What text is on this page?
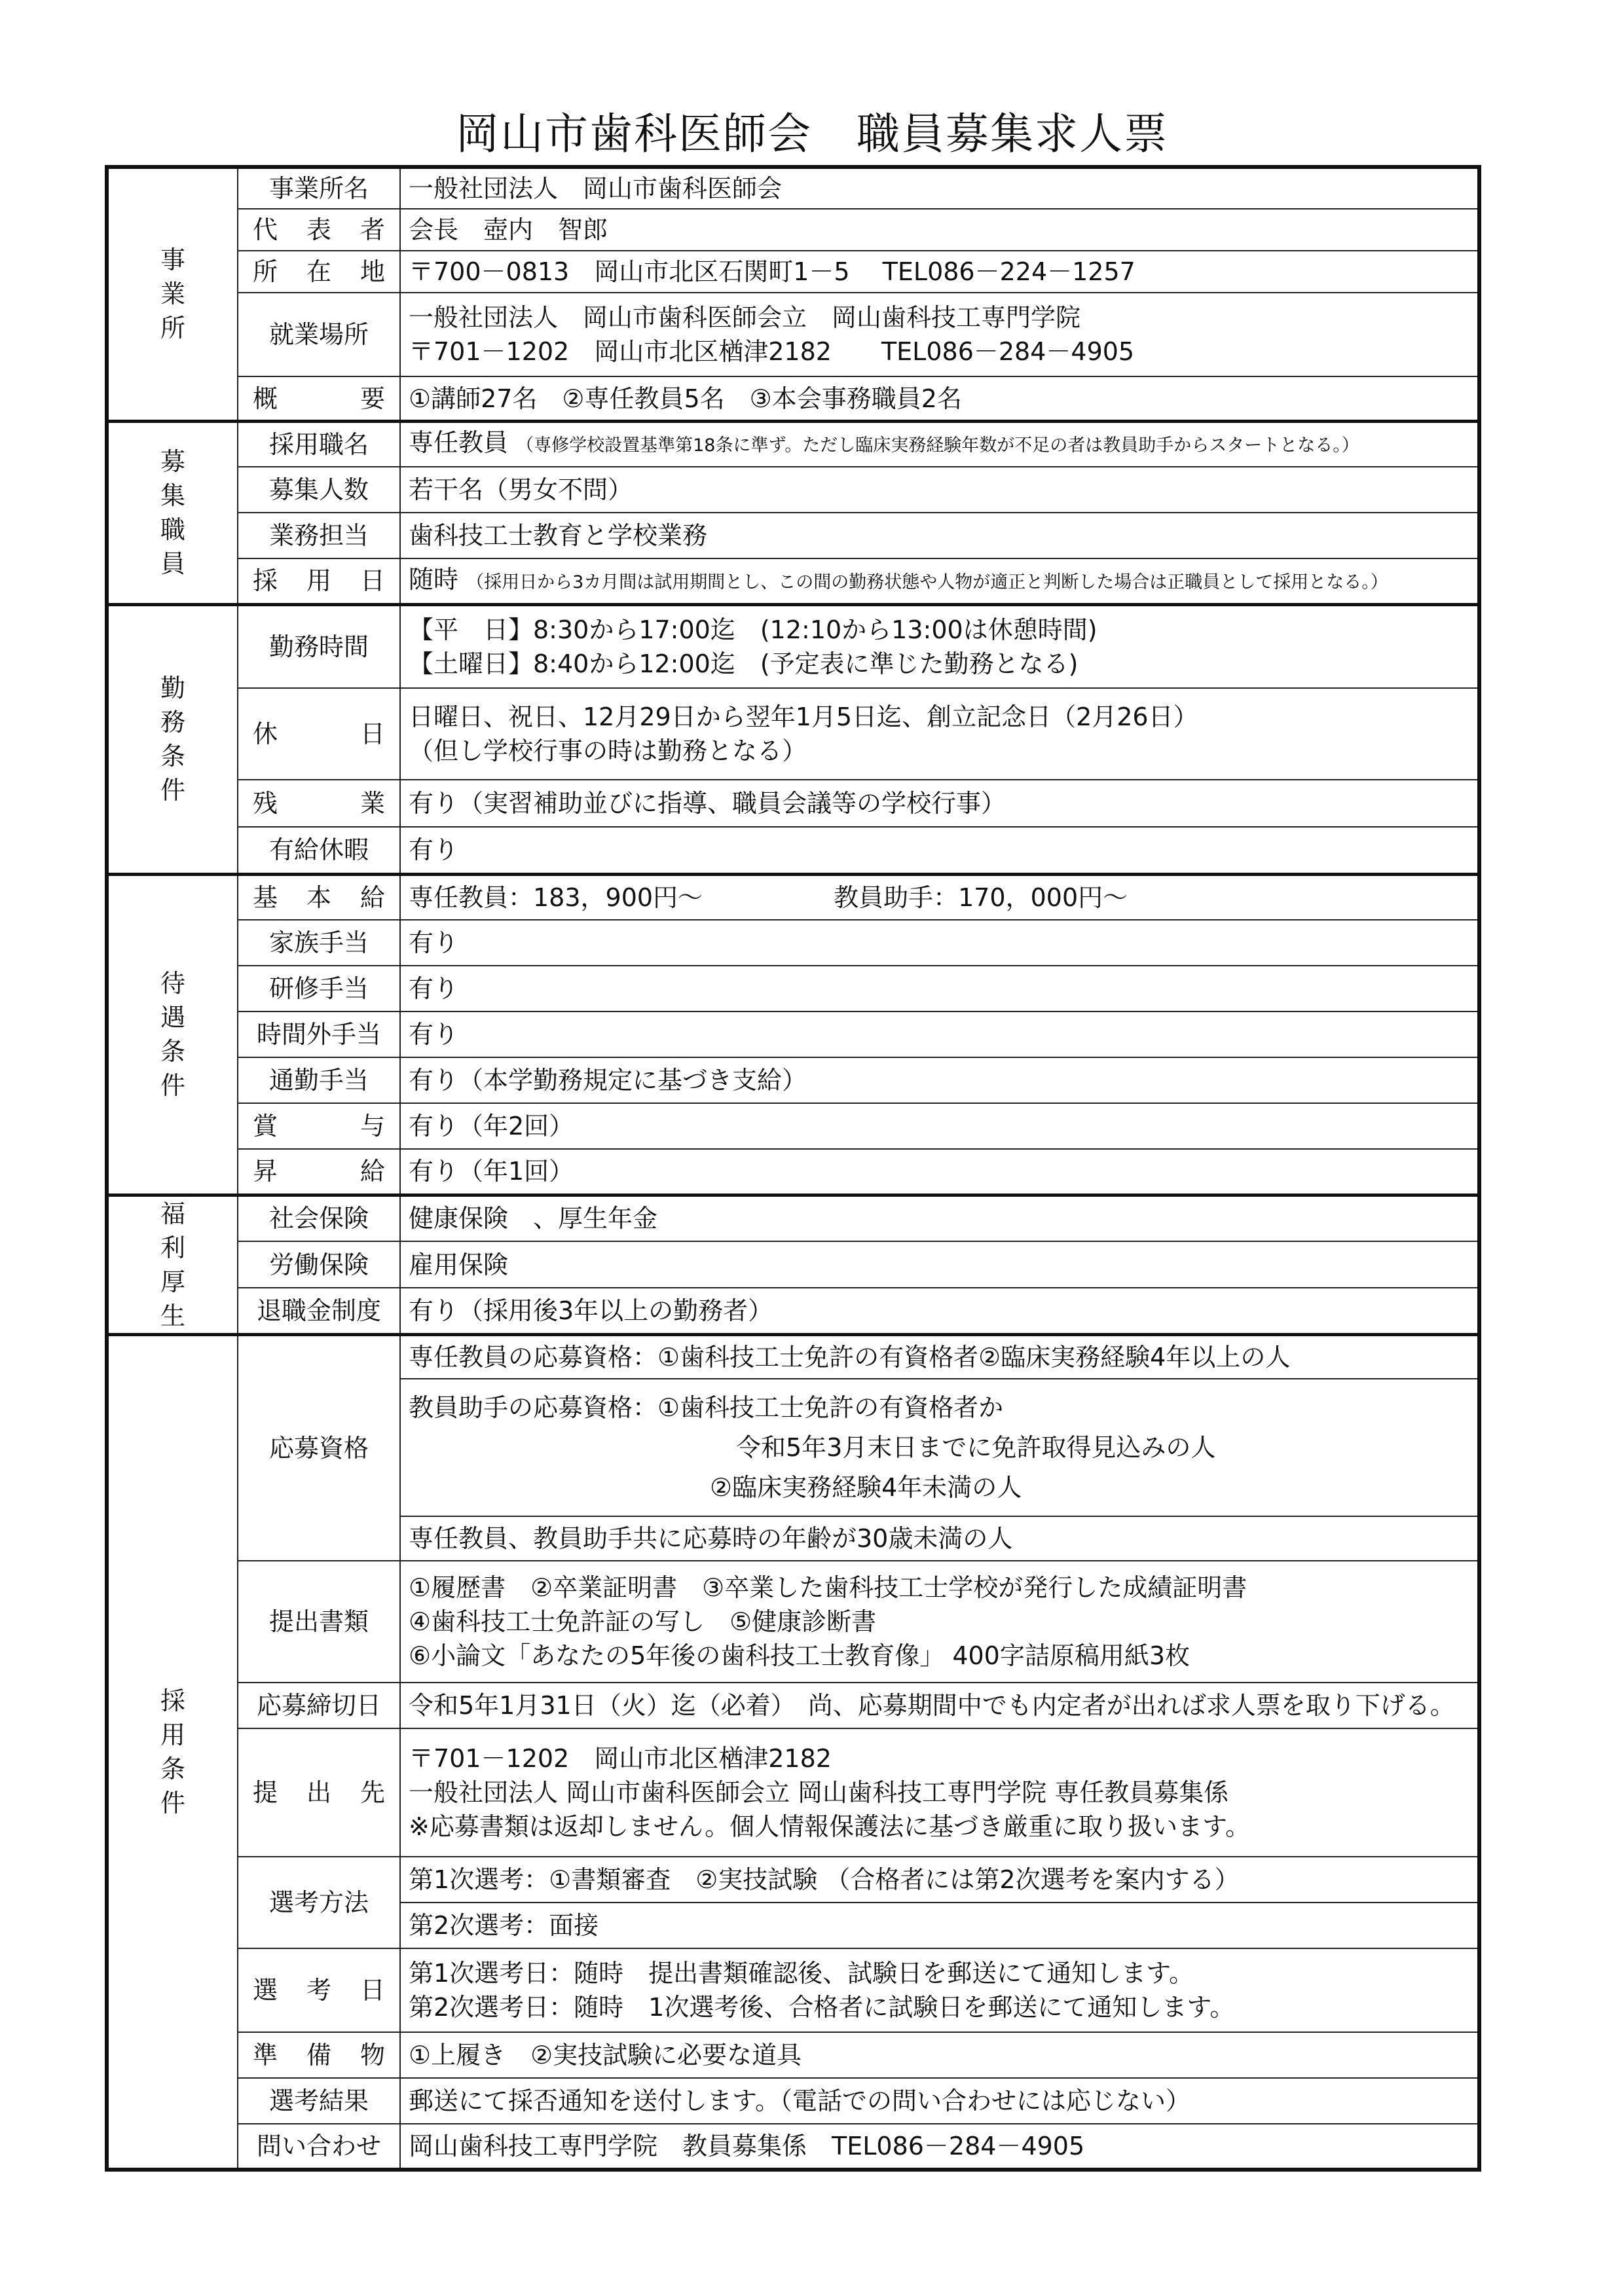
岡山市歯科医師会　職員募集求人票
事業所	事業所名	一般社団法人　岡山市歯科医師会
	代表者	会長　壺内　智郎
	所在地	〒700－0813　岡山市北区石関町1－5　 TEL086－224－1257
	就業場所	一般社団法人　岡山市歯科医師会立　岡山歯科技工専門学院
〒701－1202　岡山市北区楢津2182　　TEL086－284－4905

	概要	①講師27名　②専任教員5名　③本会事務職員2名

募集職員	採用職名	専任教員 （専修学校設置基準第18条に準ず。ただし臨床実務経験年数が不足の者は教員助手からスタートとなる。）
	募集人数	若干名（男女不問）
	業務担当	歯科技工士教育と学校業務
	採用日	随時 （採用日から3カ月間は試用期間とし、この間の勤務状態や人物が適正と判断した場合は正職員として採用となる。）
勤務条件	勤務時間	【平　日】8:30から17:00迄　(12:10から13:00は休憩時間)
【土曜日】8:40から12:00迄　(予定表に準じた勤務となる)

	休日	日曜日、祝日、12月29日から翌年1月5日迄、創立記念日（2月26日）
（但し学校行事の時は勤務となる）

	残業	有り（実習補助並びに指導、職員会議等の学校行事）
	有給休暇	有り
待遇条件	基本給	専任教員：183，900円～ 教員助手：170，000円～
	家族手当	有り
	研修手当	有り
	時間外手当	有り
	通勤手当	有り（本学勤務規定に基づき支給）
	賞与	有り（年2回）
	昇給	有り（年1回）
福利厚生	社会保険	健康保険　、厚生年金
	労働保険	雇用保険
	退職金制度	有り（採用後3年以上の勤務者）
採用条件	応募資格	専任教員の応募資格：①歯科技工士免許の有資格者②臨床実務経験4年以上の人

		教員助手の応募資格：①歯科技工士免許の有資格者か
令和5年3月末日までに免許取得見込みの人
②臨床実務経験4年未満の人

		専任教員、教員助手共に応募時の年齢が30歳未満の人

	提出書類	①履歴書　②卒業証明書　③卒業した歯科技工士学校が発行した成績証明書
④歯科技工士免許証の写し　⑤健康診断書
⑥小論文「あなたの5年後の歯科技工士教育像」 400字詰原稿用紙3枚

	応募締切日	令和5年1月31日（火）迄（必着）　尚、応募期間中でも内定者が出れば求人票を取り下げる。
	提出先	〒701－1202　岡山市北区楢津2182
一般社団法人 岡山市歯科医師会立 岡山歯科技工専門学院 専任教員募集係
※応募書類は返却しません。個人情報保護法に基づき厳重に取り扱います。

	選考方法	第1次選考：①書類審査　②実技試験 （合格者には第2次選考を案内する）
		第2次選考：面接
	選考日	第1次選考日：随時　提出書類確認後、試験日を郵送にて通知します。
第2次選考日：随時　1次選考後、合格者に試験日を郵送にて通知します。

	準備物	①上履き　②実技試験に必要な道具
	選考結果	郵送にて採否通知を送付します。（電話での問い合わせには応じない）
	問い合わせ	岡山歯科技工専門学院　教員募集係　TEL086－284－4905
